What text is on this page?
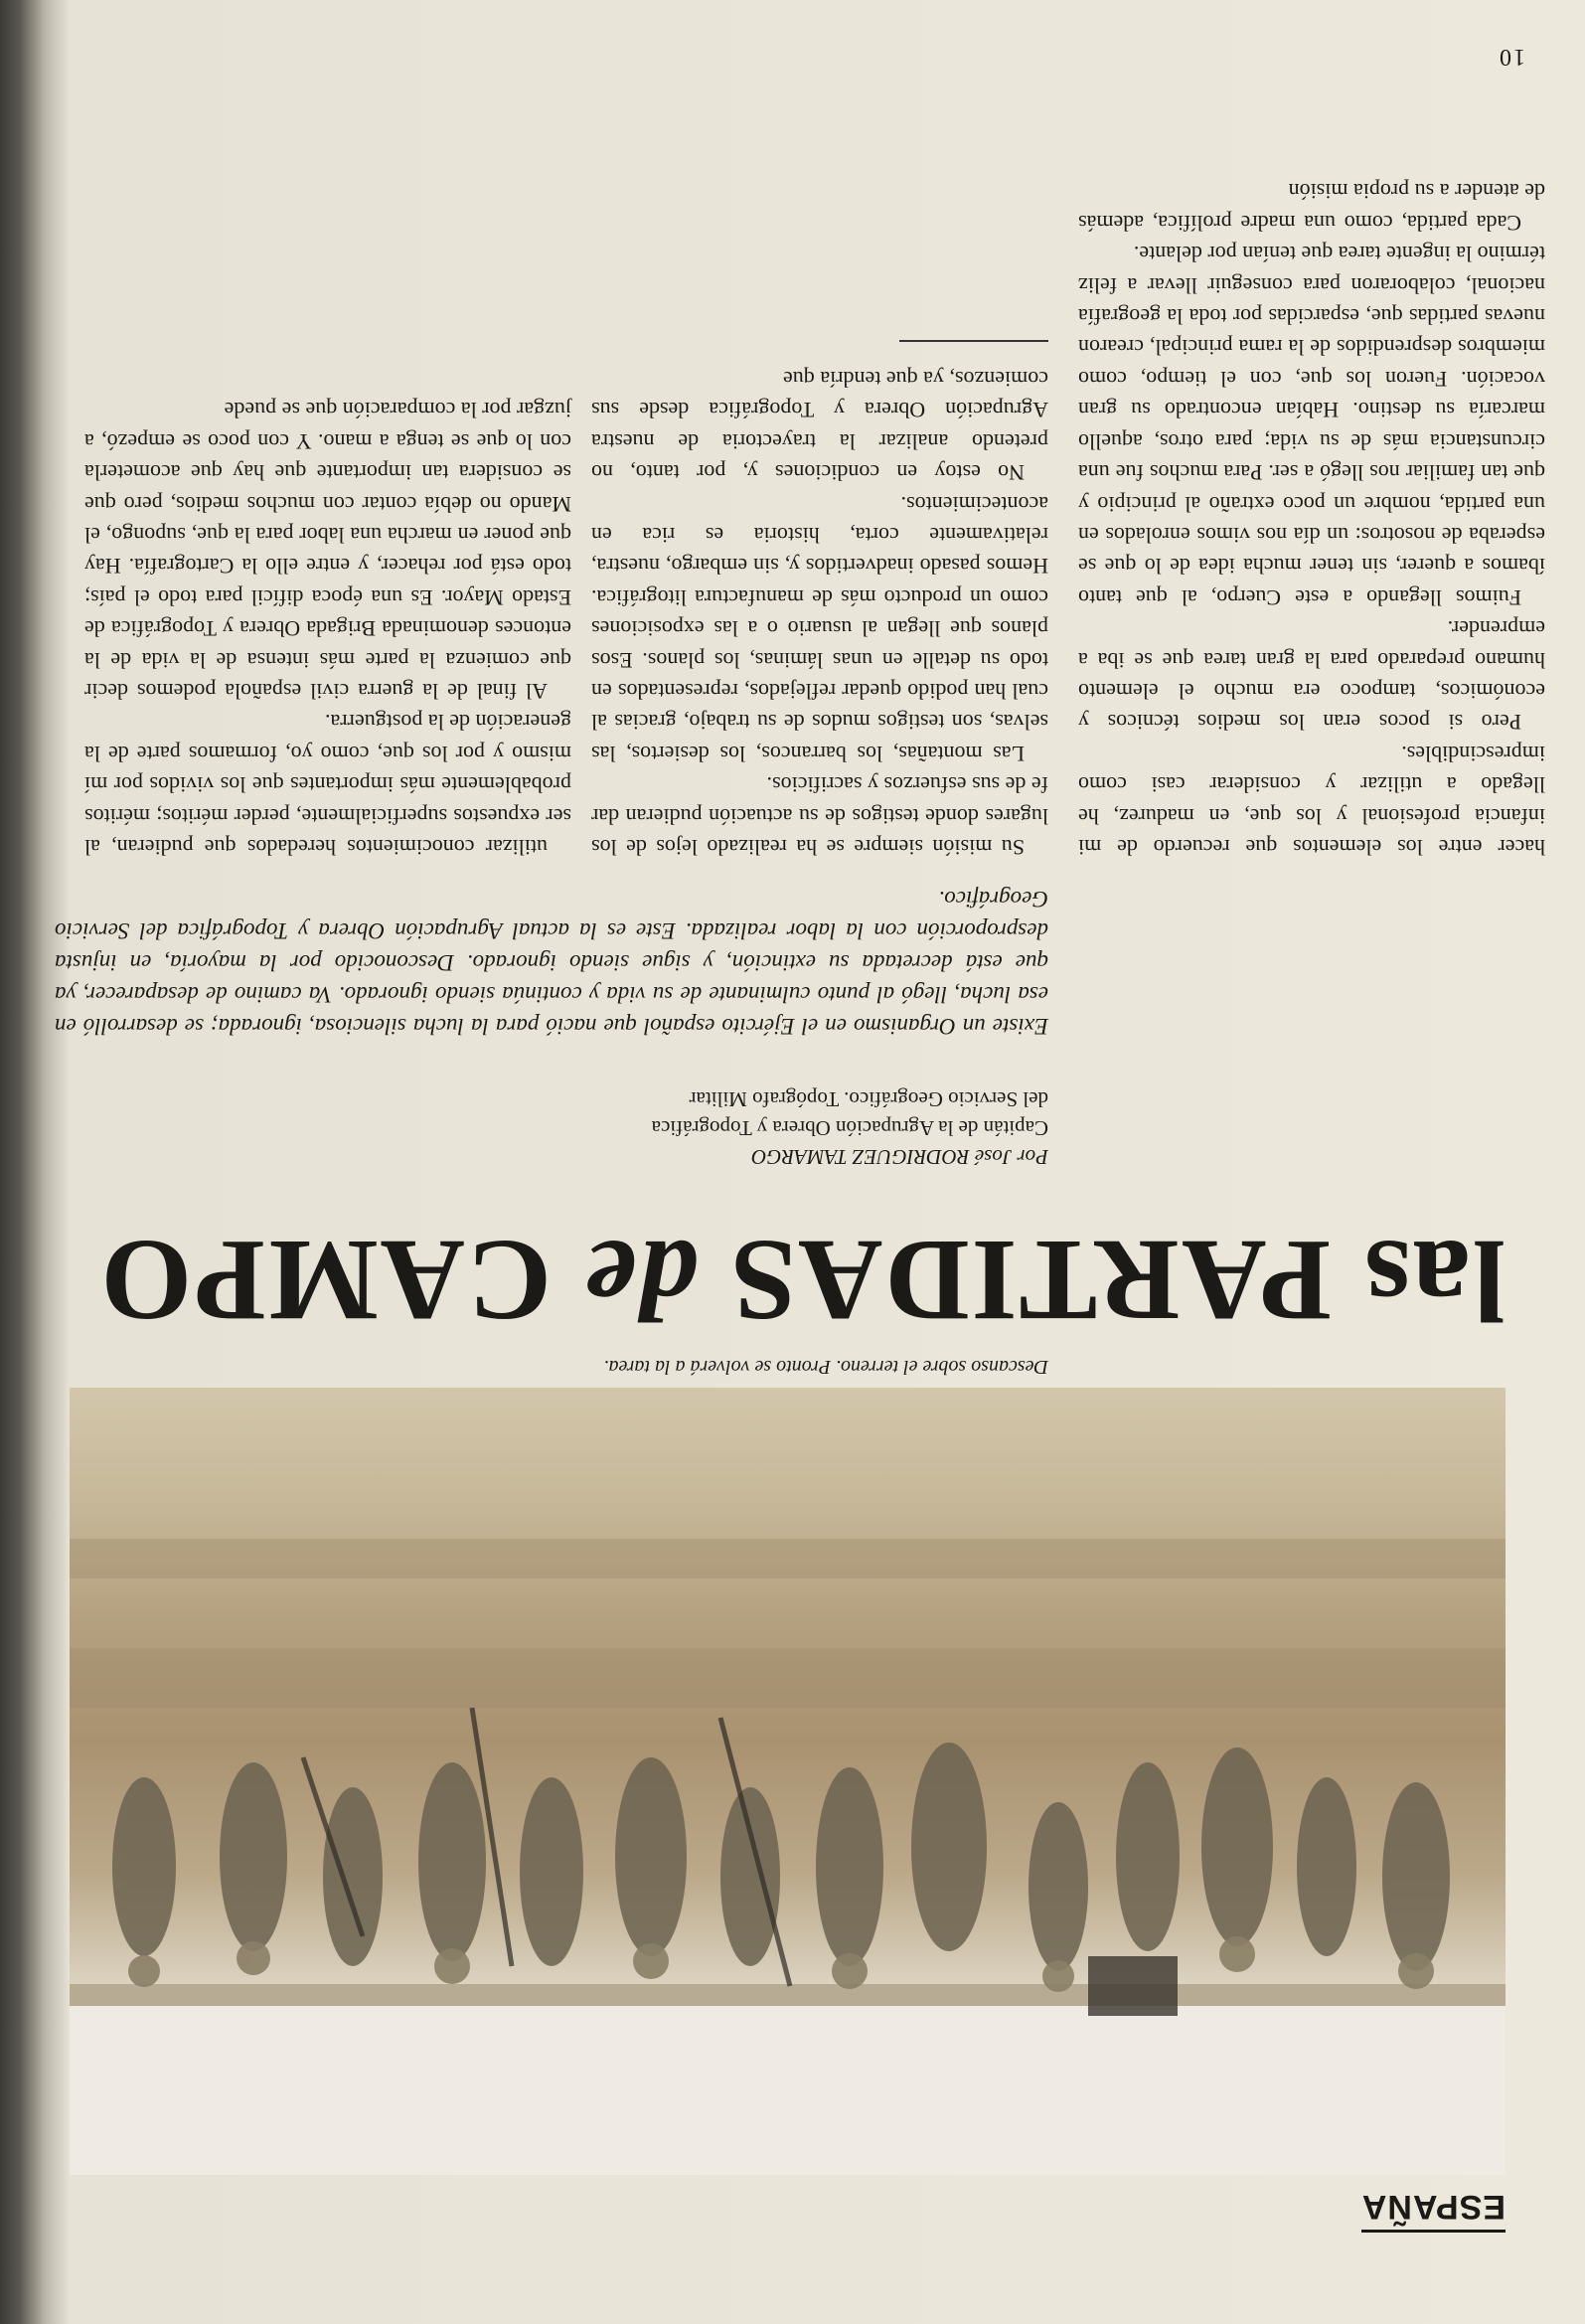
ESPAÑA
Descanso sobre el terreno. Pronto se volverá a la tarea.
las PARTIDAS de CAMPO
Por José RODRIGUEZ TAMARGO
Capitán de la Agrupación Obrera y Topográfica
del Servicio Geográfico. Topógrafo Militar
Existe un Organismo en el Ejército español que nació para la lucha silenciosa, ignorada; se desarrolló en esa lucha, llegó al punto culminante de su vida y continúa siendo ignorado. Va camino de desaparecer, ya que está decretada su extinción, y sigue siendo ignorado. Desconocido por la mayoría, en injusta desproporción con la labor realizada. Este es la actual Agrupación Obrera y Topográfica del Servicio Geográfico.

Su misión siempre se ha realizado lejos de los lugares donde testigos de su actuación pudieran dar fe de sus esfuerzos y sacrificios.

Las montañas, los barrancos, los desiertos, las selvas, son testigos mudos de su trabajo, gracias al cual han podido quedar reflejados, representados en todo su detalle en unas láminas, los planos. Esos planos que llegan al usuario o a las exposiciones como un producto más de manufactura litográfica. Hemos pasado inadvertidos y, sin embargo, nuestra, relativamente corta, historia es rica en acontecimientos.

No estoy en condiciones y, por tanto, no pretendo analizar la trayectoria de nuestra Agrupación Obrera y Topográfica desde sus comienzos, ya que tendría que

utilizar conocimientos heredados que pudieran, al ser expuestos superficialmente, perder méritos; méritos probablemente más importantes que los vividos por mí mismo y por los que, como yo, formamos parte de la generación de la postguerra.

Al final de la guerra civil española podemos decir que comienza la parte más intensa de la vida de la entonces denominada Brigada Obrera y Topográfica de Estado Mayor. Es una época difícil para todo el país; todo está por rehacer, y entre ello la Cartografía. Hay que poner en marcha una labor para la que, supongo, el Mando no debía contar con muchos medios, pero que se considera tan importante que hay que acometerla con lo que se tenga a mano. Y con poco se empezó, a juzgar por la comparación que se puede

hacer entre los elementos que recuerdo de mi infancia profesional y los que, en madurez, he llegado a utilizar y considerar casi como imprescindibles.

Pero si pocos eran los medios técnicos y económicos, tampoco era mucho el elemento humano preparado para la gran tarea que se iba a emprender.

Fuimos llegando a este Cuerpo, al que tanto íbamos a querer, sin tener mucha idea de lo que se esperaba de nosotros: un día nos vimos enrolados en una partida, nombre un poco extraño al principio y que tan familiar nos llegó a ser. Para muchos fue una circunstancia más de su vida; para otros, aquello marcaría su destino. Habían encontrado su gran vocación. Fueron los que, con el tiempo, como miembros desprendidos de la rama principal, crearon nuevas partidas que, esparcidas por toda la geografía nacional, colaboraron para conseguir llevar a feliz término la ingente tarea que tenían por delante.

Cada partida, como una madre prolífica, además de atender a su propia misión

10
